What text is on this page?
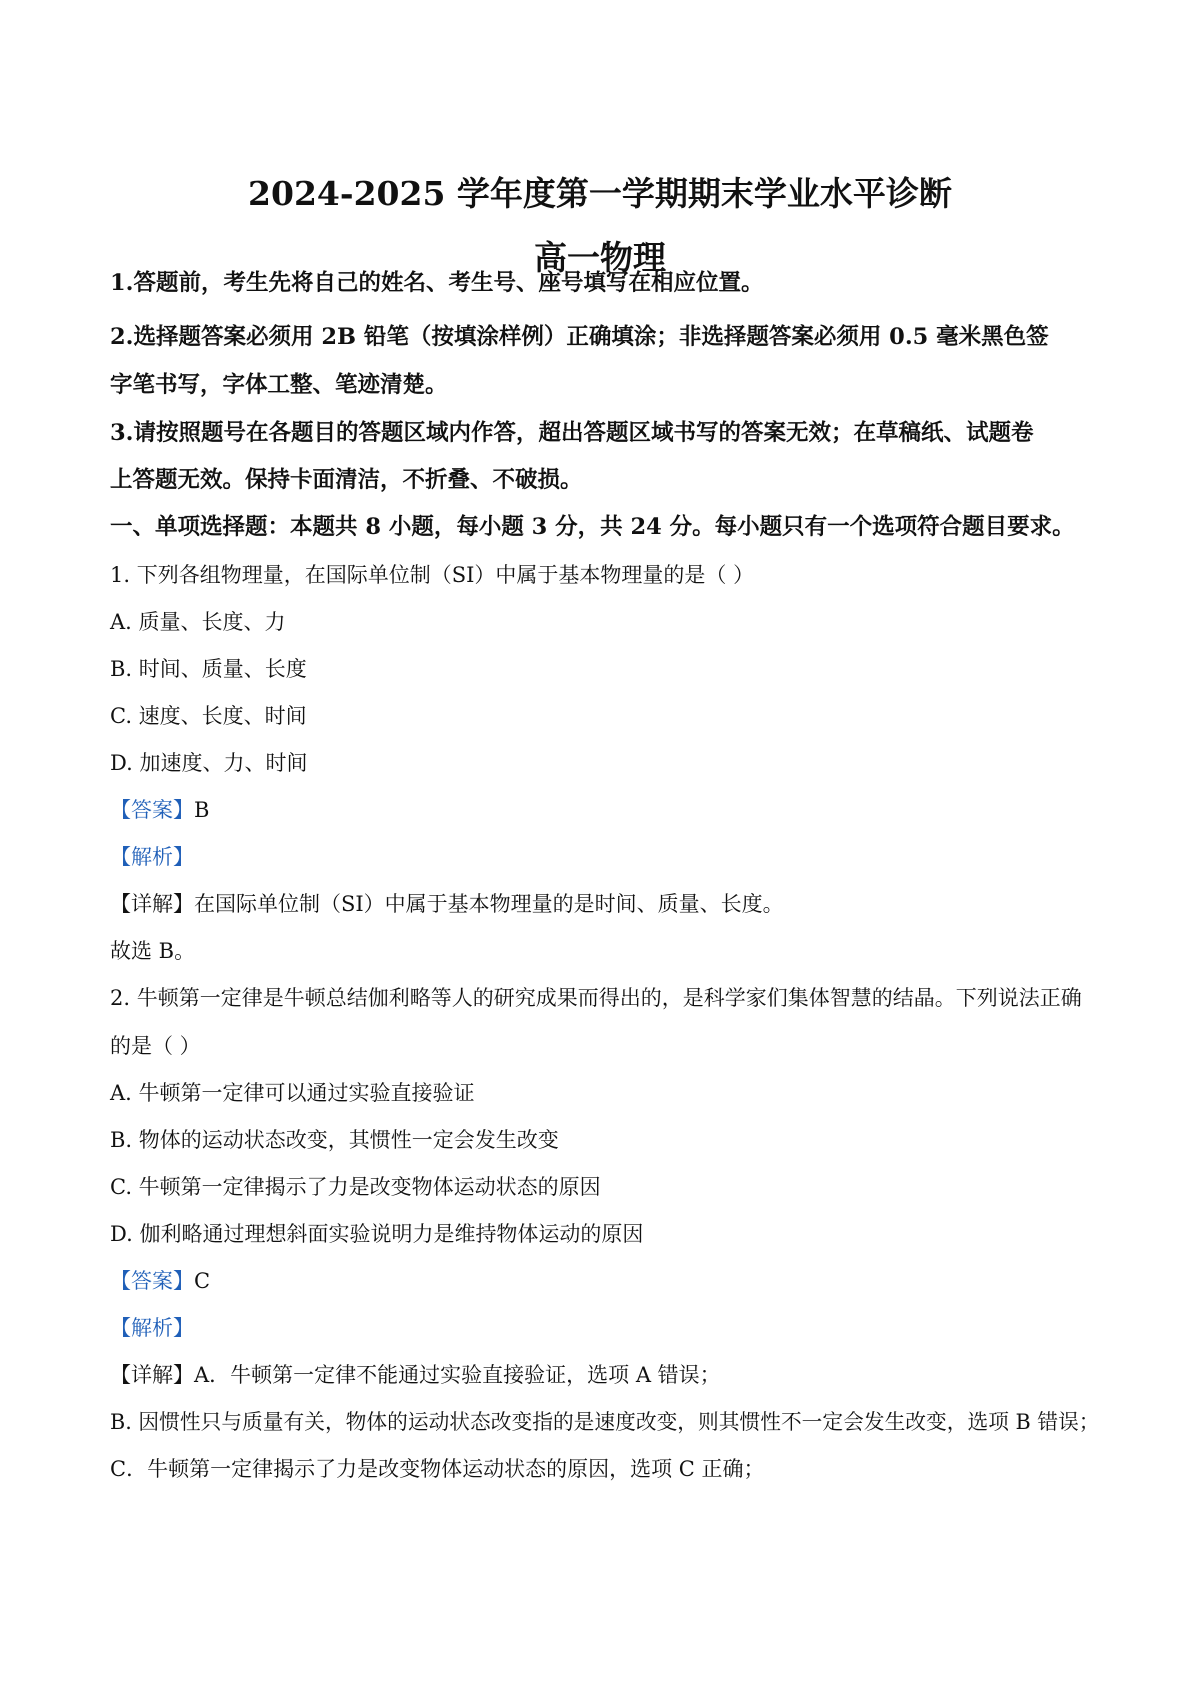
2024-2025 学年度第一学期期末学业水平诊断
高一物理
1.答题前，考生先将自己的姓名、考生号、座号填写在相应位置。
2.选择题答案必须用 2B 铅笔（按填涂样例）正确填涂；非选择题答案必须用 0.5 毫米黑色签
字笔书写，字体工整、笔迹清楚。
3.请按照题号在各题目的答题区域内作答，超出答题区域书写的答案无效；在草稿纸、试题卷
上答题无效。保持卡面清洁，不折叠、不破损。
一、单项选择题：本题共 8 小题，每小题 3 分，共 24 分。每小题只有一个选项符合题目要求。
1. 下列各组物理量，在国际单位制（SI）中属于基本物理量的是（ ）
A. 质量、长度、力
B. 时间、质量、长度
C. 速度、长度、时间
D. 加速度、力、时间
【答案】B
【解析】
【详解】在国际单位制（SI）中属于基本物理量的是时间、质量、长度。
故选 B。
2. 牛顿第一定律是牛顿总结伽利略等人的研究成果而得出的，是科学家们集体智慧的结晶。下列说法正确
的是（ ）
A. 牛顿第一定律可以通过实验直接验证
B. 物体的运动状态改变，其惯性一定会发生改变
C. 牛顿第一定律揭示了力是改变物体运动状态的原因
D. 伽利略通过理想斜面实验说明力是维持物体运动的原因
【答案】C
【解析】
【详解】A．牛顿第一定律不能通过实验直接验证，选项 A 错误；
B. 因惯性只与质量有关，物体的运动状态改变指的是速度改变，则其惯性不一定会发生改变，选项 B 错误；
C．牛顿第一定律揭示了力是改变物体运动状态的原因，选项 C 正确；
